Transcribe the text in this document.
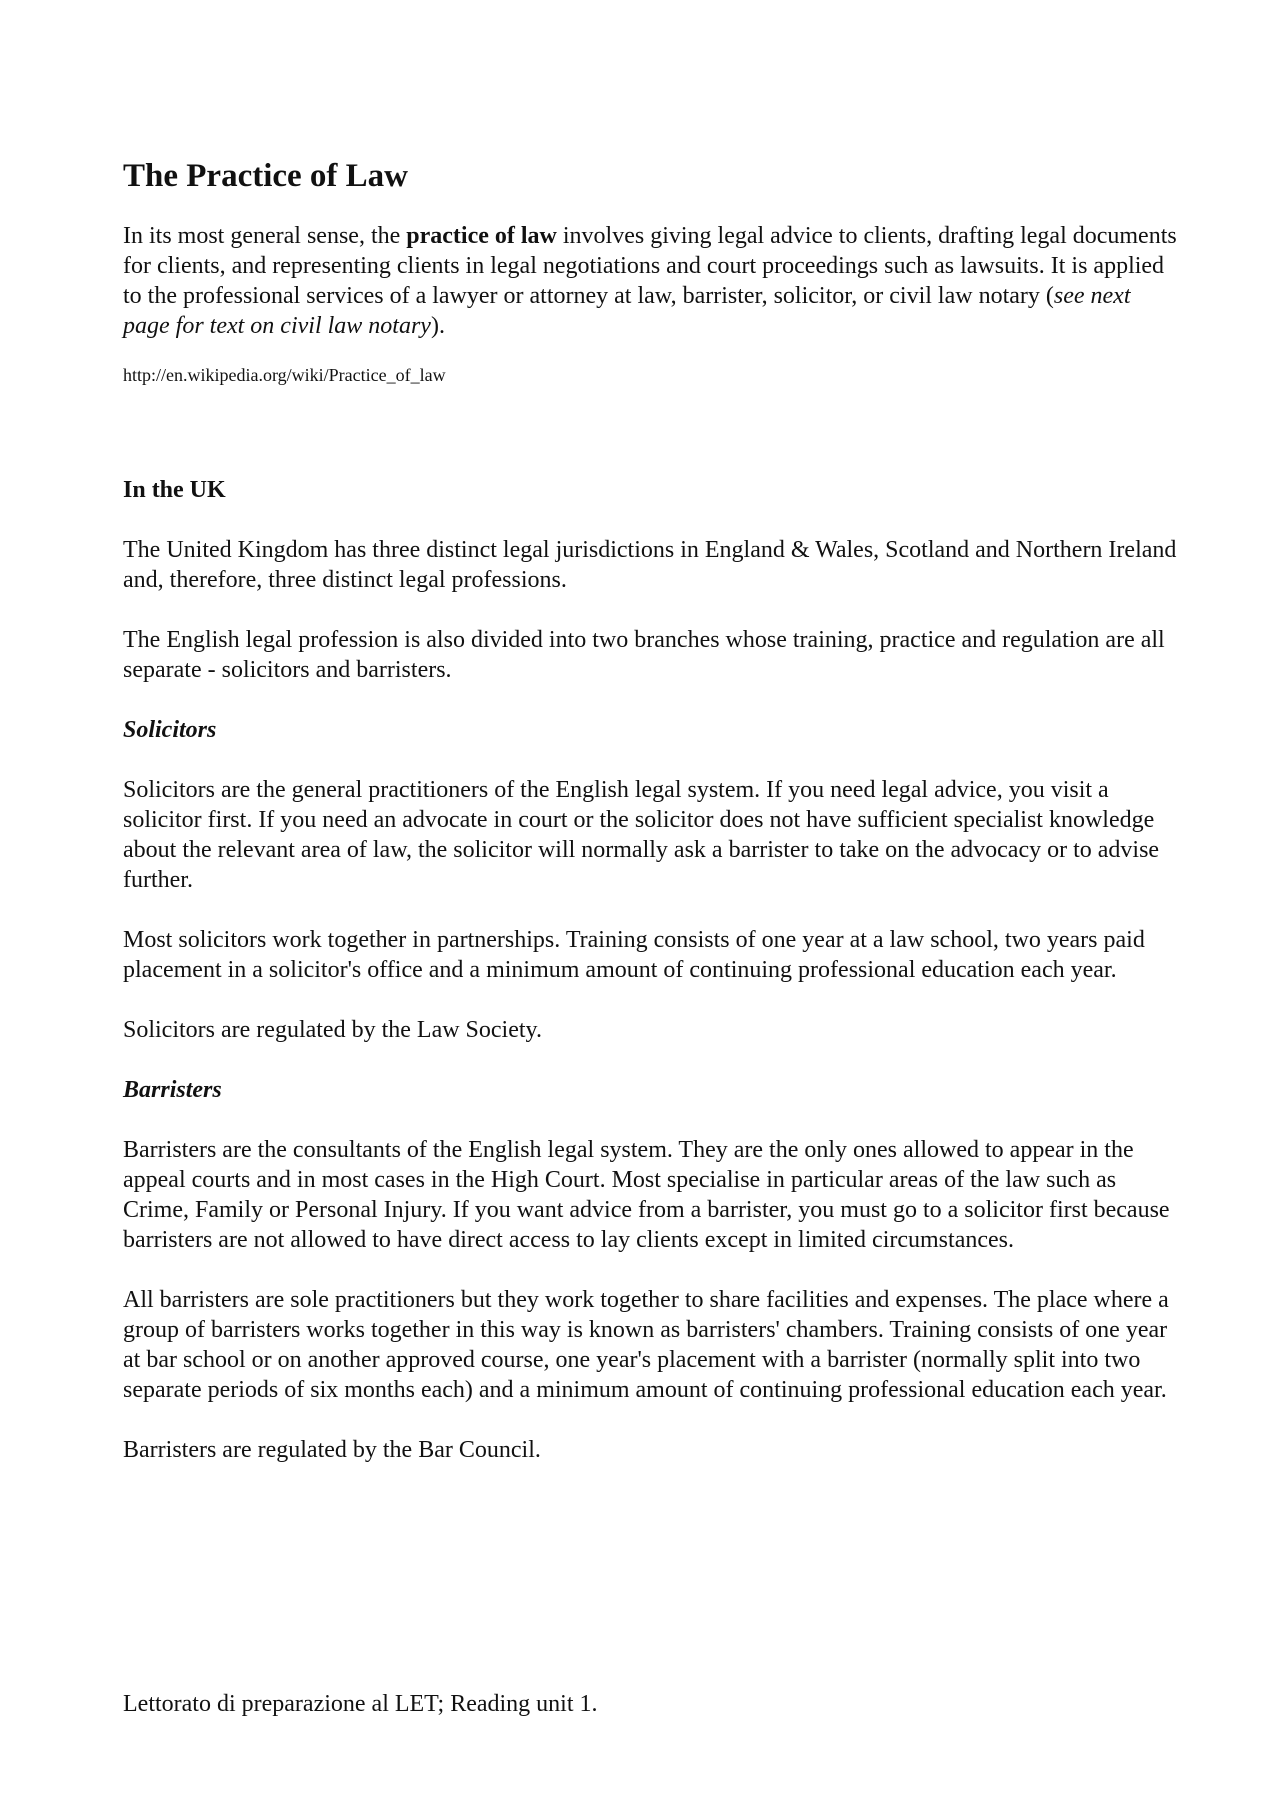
The Practice of Law

In its most general sense, the practice of law involves giving legal advice to clients, drafting legal documents for clients, and representing clients in legal negotiations and court proceedings such as lawsuits. It is applied to the professional services of a lawyer or attorney at law, barrister, solicitor, or civil law notary (see next page for text on civil law notary).

http://en.wikipedia.org/wiki/Practice_of_law

In the UK

The United Kingdom has three distinct legal jurisdictions in England & Wales, Scotland and Northern Ireland and, therefore, three distinct legal professions.

The English legal profession is also divided into two branches whose training, practice and regulation are all separate - solicitors and barristers.

Solicitors

Solicitors are the general practitioners of the English legal system. If you need legal advice, you visit a solicitor first. If you need an advocate in court or the solicitor does not have sufficient specialist knowledge about the relevant area of law, the solicitor will normally ask a barrister to take on the advocacy or to advise further.

Most solicitors work together in partnerships. Training consists of one year at a law school, two years paid placement in a solicitor's office and a minimum amount of continuing professional education each year.

Solicitors are regulated by the Law Society.

Barristers

Barristers are the consultants of the English legal system. They are the only ones allowed to appear in the appeal courts and in most cases in the High Court. Most specialise in particular areas of the law such as Crime, Family or Personal Injury. If you want advice from a barrister, you must go to a solicitor first because barristers are not allowed to have direct access to lay clients except in limited circumstances.

All barristers are sole practitioners but they work together to share facilities and expenses. The place where a group of barristers works together in this way is known as barristers' chambers. Training consists of one year at bar school or on another approved course, one year's placement with a barrister (normally split into two separate periods of six months each) and a minimum amount of continuing professional education each year.

Barristers are regulated by the Bar Council.

Lettorato di preparazione al LET; Reading unit 1.
